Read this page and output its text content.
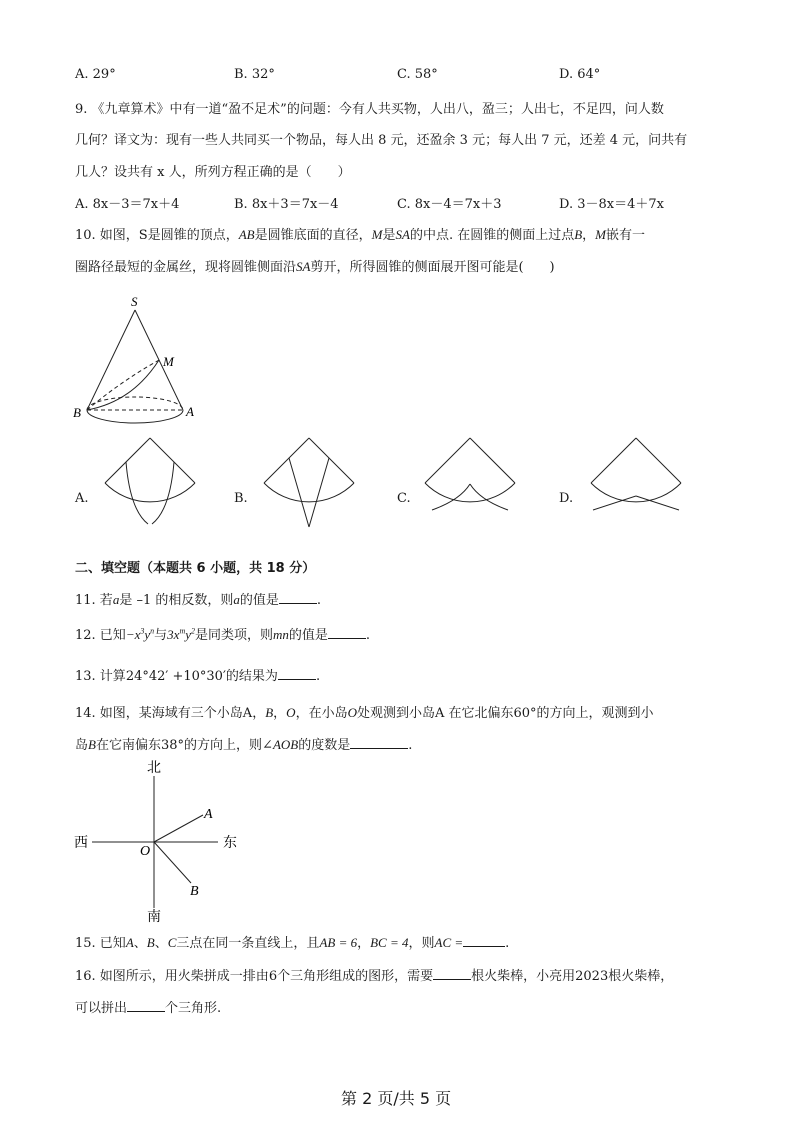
A. 29°	B. 32°	C. 58°	D. 64°
9. 《九章算术》中有一道“盈不足术”的问题：今有人共买物，人出八，盈三；人出七，不足四，问人数
几何？译文为：现有一些人共同买一个物品，每人出 8 元，还盈余 3 元；每人出 7 元，还差 4 元，问共有
几人？设共有 x 人，所列方程正确的是（　　）
A. 8x－3＝7x＋4	B. 8x＋3＝7x－4	C. 8x－4＝7x＋3	D. 3－8x＝4＋7x
10. 如图，S是圆锥的顶点，AB是圆锥底面的直径，M是SA的中点. 在圆锥的侧面上过点B，M嵌有一
圈路径最短的金属丝，现将圆锥侧面沿SA剪开，所得圆锥的侧面展开图可能是(　　)
S
M
B	A
A.	B.	C.	D.
二、填空题（本题共 6 小题，共 18 分）
11. 若a是 –1 的相反数，则a的值是	.
12. 已知$-x^3y^n$与$3x^my^2$是同类项，则mn的值是	.
13. 计算24°42′ +10°30′的结果为	.
14. 如图，某海域有三个小岛A，B，O，在小岛O处观测到小岛A 在它北偏东60°的方向上，观测到小
岛B在它南偏东38°的方向上，则∠AOB的度数是	.
北
南
西	东
O
A
B
15. 已知A、B、C三点在同一条直线上，且AB = 6，BC = 4，则AC =	.
16. 如图所示，用火柴拼成一排由6个三角形组成的图形，需要	根火柴棒，小亮用2023根火柴棒，
可以拼出	个三角形.
第 2 页/共 5 页
